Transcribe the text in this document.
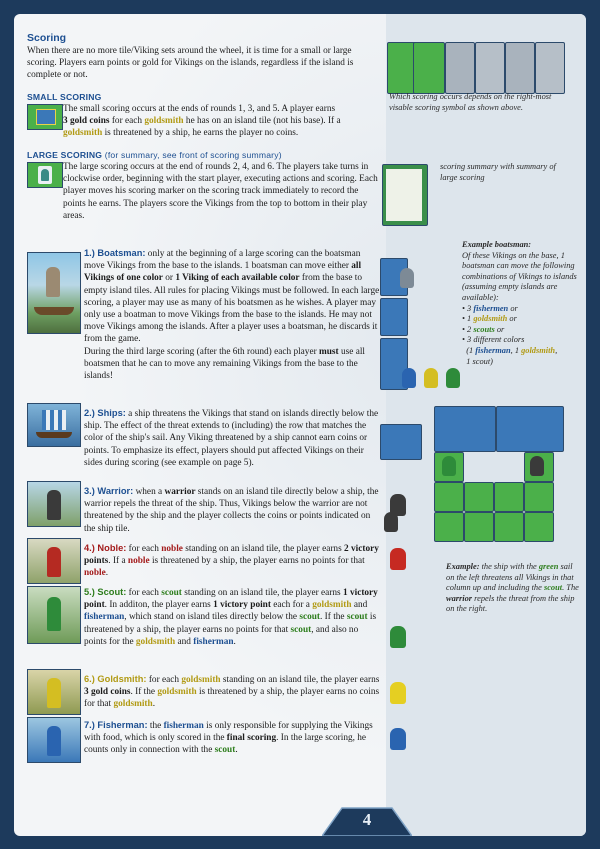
Scoring
When there are no more tile/Viking sets around the wheel, it is time for a small or large scoring. Players earn points or gold for Vikings on the islands, regardless if the island is complete or not.
SMALL SCORING
The small scoring occurs at the ends of rounds 1, 3, and 5. A player earns
3 gold coins for each goldsmith he has on an island tile (not his base). If a
goldsmith is threatened by a ship, he earns the player no coins.
LARGE SCORING (for summary, see front of scoring summary)
The large scoring occurs at the end of rounds 2, 4, and 6. The players take turns in clockwise order, beginning with the start player, executing actions and scoring. Each player moves his scoring marker on the scoring track immediately to record the points he earns. The players score the Vikings from the top to bottom in their play areas.
1.) Boatsman: only at the beginning of a large scoring can the boatsman move Vikings from the base to the islands. 1 boatsman can move either all Vikings of one color or 1 Viking of each available color from the base to empty island tiles. All rules for placing Vikings must be followed. In each large scoring, a player may use as many of his boatsmen as he wishes. A player may only use a boatman to move Vikings from the base to the islands. He may not move Vikings among the islands. After a player uses a boatsman, he discards it from the game.
During the third large scoring (after the 6th round) each player must use all boatsmen that he can to move any remaining Vikings from the base to the islands!
2.) Ships: a ship threatens the Vikings that stand on islands directly below the ship. The effect of the threat extends to (including) the row that matches the color of the ship's sail. Any Viking threatened by a ship cannot earn coins or points. To emphasize its effect, players should put affected Vikings on their sides during scoring (see example on page 5).
3.) Warrior: when a warrior stands on an island tile directly below a ship, the warrior repels the threat of the ship. Thus, Vikings below the warrior are not threatened by the ship and the player collects the coins or points indicated on the ship tile.
4.) Noble: for each noble standing on an island tile, the player earns 2 victory points. If a noble is threatened by a ship, the player earns no points for that noble.
5.) Scout: for each scout standing on an island tile, the player earns 1 victory point. In additon, the player earns 1 victory point each for a goldsmith and fisherman, which stand on island tiles directly below the scout. If the scout is threatened by a ship, the player earns no points for that scout, and also no points for the goldsmith and fisherman.
6.) Goldsmith: for each goldsmith standing on an island tile, the player earns 3 gold coins. If the goldsmith is threatened by a ship, the player earns no coins for that goldsmith.
7.) Fisherman: the fisherman is only responsible for supplying the Vikings with food, which is only scored in the final scoring. In the large scoring, he counts only in connection with the scout.
Which scoring occurs depends on the right-most visable scoring symbol as shown above.
scoring summary with summary of large scoring
Example boatsman:
Of these Vikings on the base, 1 boatsman can move the following combinations of Vikings to islands (assuming empty islands are available):
• 3 fishermen or
• 1 goldsmith or
• 2 scouts or
• 3 different colors
(1 fisherman, 1 goldsmith,
1 scout)
Example: the ship with the green sail on the left threatens all Vikings in that column up and including the scout. The warrior repels the threat from the ship on the right.
4
